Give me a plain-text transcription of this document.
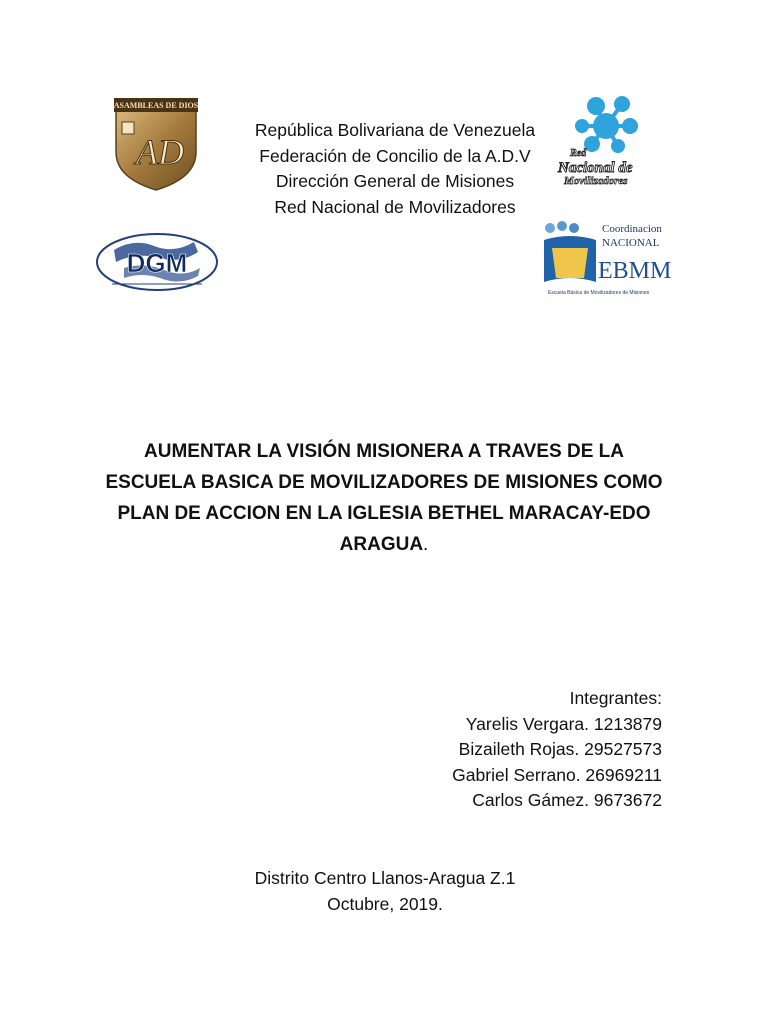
ASAMBLEAS DE DIOS
AD	Red
Nacional de
Movilizadores
República Bolivariana de Venezuela
Federación de Concilio de la A.D.V
Dirección General de Misiones
Red Nacional de Movilizadores
DGM
Coordinacion
NACIONAL
EBMM
Escuela Básica de Movilizadores de Misiones
AUMENTAR LA VISIÓN MISIONERA A TRAVES DE LA
ESCUELA BASICA DE MOVILIZADORES DE MISIONES COMO
PLAN DE ACCION EN LA IGLESIA BETHEL MARACAY-EDO
ARAGUA.
Integrantes:
Yarelis Vergara. 1213879
Bizaileth Rojas. 29527573
Gabriel Serrano. 26969211
Carlos Gámez. 9673672
Distrito Centro Llanos-Aragua Z.1
Octubre, 2019.
